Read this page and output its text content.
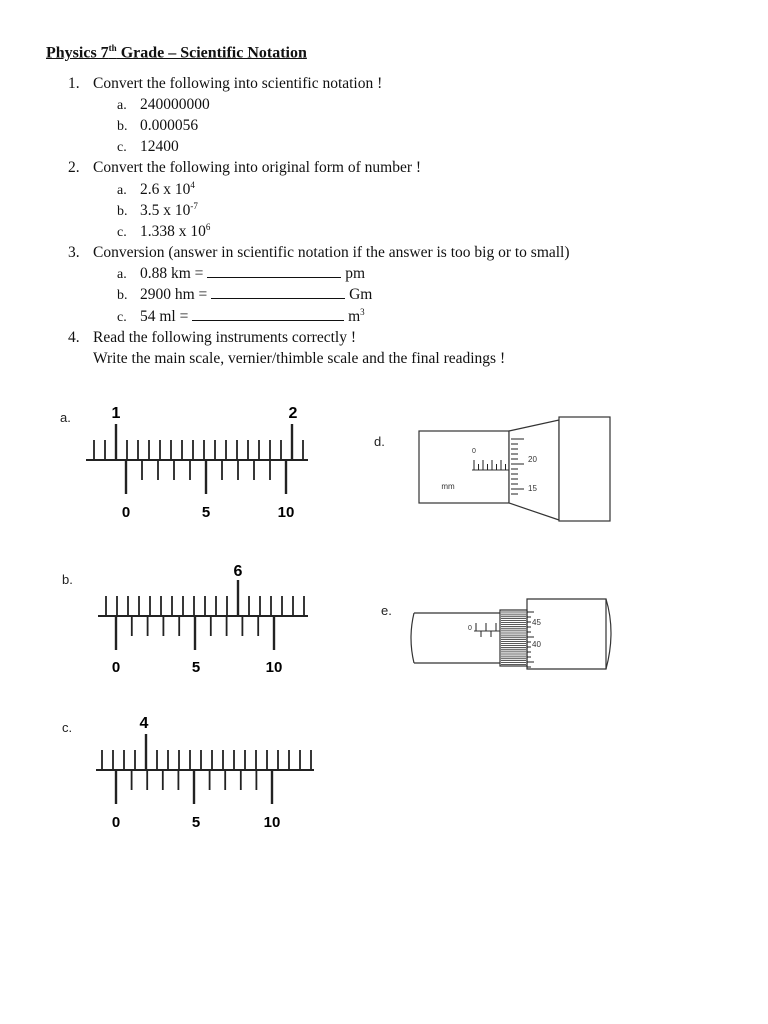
Physics 7th Grade – Scientific Notation
1. Convert the following into scientific notation !
a. 240000000
b. 0.000056
c. 12400
2. Convert the following into original form of number !
a. 2.6 x $10^4$
b. 3.5 x $10^{-7}$
c. 1.338 x $10^6$
3. Conversion (answer in scientific notation if the answer is too big or to small)
a. 0.88 km =	pm
b. 2900 hm =	Gm
c. 54 ml =	$m^3$
4. Read the following instruments correctly !
Write the main scale, vernier/thimble scale and the final readings !
a.
b.
c.
d.
e.
1	2
0	5	10
6
0	5	10
4
0	5	10
0
mm
20
15
0
45
40
